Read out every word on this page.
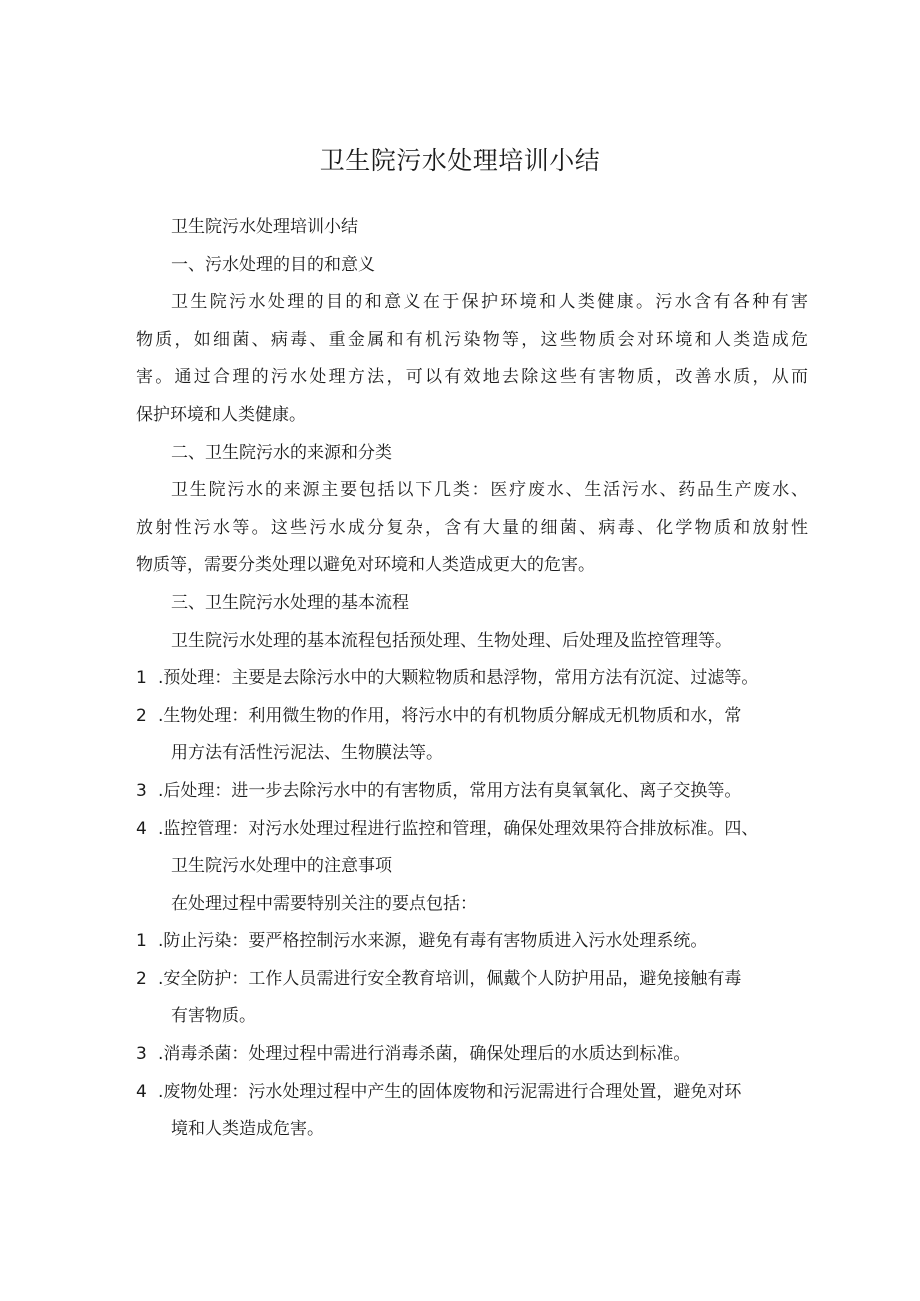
卫生院污水处理培训小结
卫生院污水处理培训小结
一、污水处理的目的和意义
卫生院污水处理的目的和意义在于保护环境和人类健康。污水含有各种有害
物质，如细菌、病毒、重金属和有机污染物等，这些物质会对环境和人类造成危
害。通过合理的污水处理方法，可以有效地去除这些有害物质，改善水质，从而
保护环境和人类健康。
二、卫生院污水的来源和分类
卫生院污水的来源主要包括以下几类：医疗废水、生活污水、药品生产废水、
放射性污水等。这些污水成分复杂，含有大量的细菌、病毒、化学物质和放射性
物质等，需要分类处理以避免对环境和人类造成更大的危害。
三、卫生院污水处理的基本流程
卫生院污水处理的基本流程包括预处理、生物处理、后处理及监控管理等。
1 .预处理：主要是去除污水中的大颗粒物质和悬浮物，常用方法有沉淀、过滤等。
2 .生物处理：利用微生物的作用，将污水中的有机物质分解成无机物质和水，常
用方法有活性污泥法、生物膜法等。
3 .后处理：进一步去除污水中的有害物质，常用方法有臭氧氧化、离子交换等。
4 .监控管理：对污水处理过程进行监控和管理，确保处理效果符合排放标准。四、
卫生院污水处理中的注意事项
在处理过程中需要特别关注的要点包括：
1 .防止污染：要严格控制污水来源，避免有毒有害物质进入污水处理系统。
2 .安全防护：工作人员需进行安全教育培训，佩戴个人防护用品，避免接触有毒
有害物质。
3 .消毒杀菌：处理过程中需进行消毒杀菌，确保处理后的水质达到标准。
4 .废物处理：污水处理过程中产生的固体废物和污泥需进行合理处置，避免对环
境和人类造成危害。
